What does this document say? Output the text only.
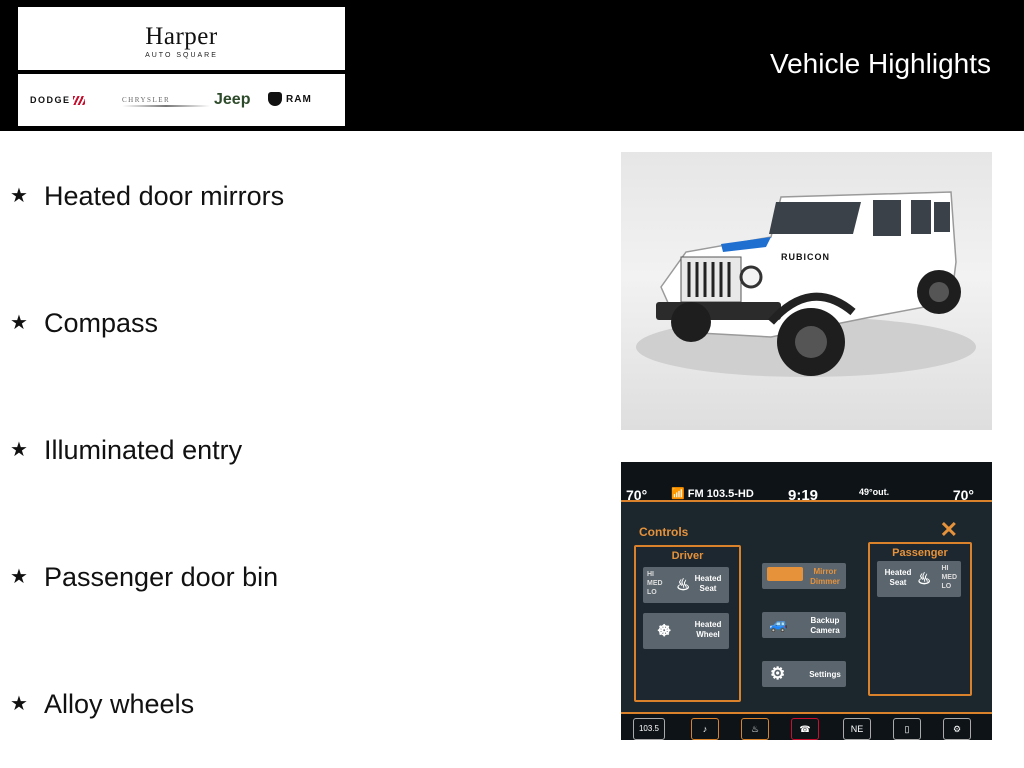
Harper
AUTO SQUARE
DODGE	CHRYSLER	Jeep	RAM
Vehicle Highlights
★ Heated door mirrors
★ Compass
★ Illuminated entry
★ Passenger door bin
★ Alloy wheels
RUBICON
70° 📶 FM 103.5-HD 9:19	49°out.	70°
Controls	✕
Driver
HI
MED
LO	♨ Heated Seat
☸	Heated Wheel
Mirror Dimmer
🚙	Backup Camera
⚙	Settings
Passenger
Heated Seat ♨
HI
MED
LO
103.5	♪	♨	☎	NE	▯	⚙
